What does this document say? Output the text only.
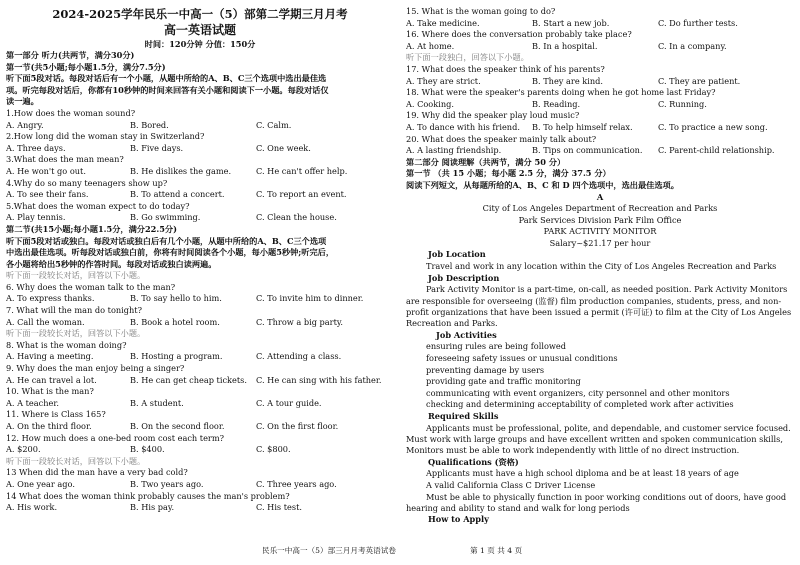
2024-2025学年民乐一中高一（5）部第二学期三月月考
高一英语试题
时间：120分钟 分值：150分
第一部分 听力(共两节，满分30分)
第一节(共5小题;每小题1.5分，满分7.5分)
听下面5段对话。每段对话后有一个小题，从题中所给的A、B、C三个选项中选出最佳选
项。听完每段对话后，你都有10秒钟的时间来回答有关小题和阅读下一小题。每段对话仅
读一遍。
1.How does the woman sound?
A. Angry.	B. Bored.	C. Calm.
2.How long did the woman stay in Switzerland?
A. Three days.	B. Five days.	C. One week.
3.What does the man mean?
A. He won't go out.	B. He dislikes the game.	C. He can't offer help.
4.Why do so many teenagers show up?
A. To see their fans.	B. To attend a concert.	C. To report an event.
5.What does the woman expect to do today?
A. Play tennis.	B. Go swimming.	C. Clean the house.
第二节(共15小题;每小题1.5分，满分22.5分)
听下面5段对话或独白。每段对话或独白后有几个小题，从题中所给的A、B、C三个选项
中选出最佳选项。听每段对话或独白前，你将有时间阅读各个小题，每小题5秒钟;听完后，
各小题将给出5秒钟的作答时间。每段对话或独白读两遍。
听下面一段较长对话，回答以下小题。
6. Why does the woman talk to the man?
A. To express thanks.	B. To say hello to him.	C. To invite him to dinner.
7. What will the man do tonight?
A. Call the woman.	B. Book a hotel room.	C. Throw a big party.
听下面一段较长对话，回答以下小题。
8. What is the woman doing?
A. Having a meeting.	B. Hosting a program.	C. Attending a class.
9. Why does the man enjoy being a singer?
A. He can travel a lot.	B. He can get cheap tickets.	C. He can sing with his father.
10. What is the man?
A. A teacher.	B. A student.	C. A tour guide.
11. Where is Class 165?
A. On the third floor.	B. On the second floor.	C. On the first floor.
12. How much does a one-bed room cost each term?
A. $200.	B. $400.	C. $800.
听下面一段较长对话，回答以下小题。
13 When did the man have a very bad cold?
A. One year ago.	B. Two years ago.	C. Three years ago.
14 What does the woman think probably causes the man's problem?
A. His work.	B. His pay.	C. His test.
15. What is the woman going to do?
A. Take medicine.	B. Start a new job.	C. Do further tests.
16. Where does the conversation probably take place?
A. At home.	B. In a hospital.	C. In a company.
听下面一段独白，回答以下小题。
17. What does the speaker think of his parents?
A. They are strict.	B. They are kind.	C. They are patient.
18. What were the speaker's parents doing when he got home last Friday?
A. Cooking.	B. Reading.	C. Running.
19. Why did the speaker play loud music?
A. To dance with his friend.	B. To help himself relax.	C. To practice a new song.
20. What does the speaker mainly talk about?
A. A lasting friendship.	B. Tips on communication.	C. Parent-child relationship.
第二部分 阅读理解（共两节，满分 50 分）
第一节 （共 15 小题；每小题 2.5 分，满分 37.5 分）
阅读下列短文，从每题所给的A、B、C 和 D 四个选项中，选出最佳选项。
A
City of Los Angeles Department of Recreation and Parks
Park Services Division Park Film Office
PARK ACTIVITY MONITOR
Salary~$21.17 per hour
Job Location
Travel and work in any location within the City of Los Angeles Recreation and Parks
Job Description
Park Activity Monitor is a part-time, on-call, as needed position. Park Activity Monitors are responsible for overseeing (监督) film production companies, students, press, and non-profit organizations that have been issued a permit (许可证) to film at the City of Los Angeles Recreation and Parks.
Job Activities
ensuring rules are being followed
foreseeing safety issues or unusual conditions
preventing damage by users
providing gate and traffic monitoring
communicating with event organizers, city personnel and other monitors
checking and determining acceptability of completed work after activities
Required Skills
Applicants must be professional, polite, and dependable, and customer service focused. Must work with large groups and have excellent written and spoken communication skills, Monitors must be able to work independently with little of no direct instruction.
Qualifications (资格)
Applicants must have a high school diploma and be at least 18 years of age
A valid California Class C Driver License
Must be able to physically function in poor working conditions out of doors, have good hearing and ability to stand and walk for long periods
How to Apply
民乐一中高一（5）部三月月考英语试卷	第 1 页 共 4 页
